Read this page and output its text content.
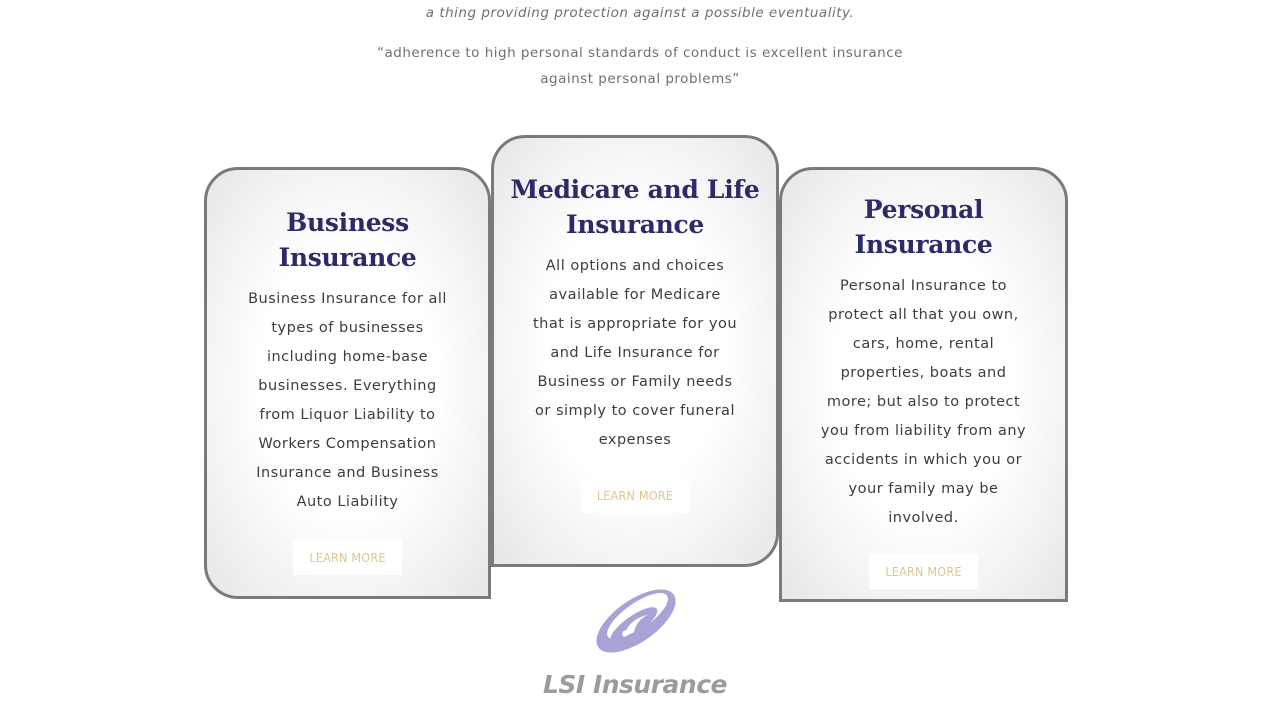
a thing providing protection against a possible eventuality.

“adherence to high personal standards of conduct is excellent insurance
against personal problems”

Business
Insurance
Business Insurance for all
types of businesses
including home-base
businesses. Everything
from Liquor Liability to
Workers Compensation
Insurance and Business
Auto Liability
LEARN MORE
Medicare and Life
Insurance
All options and choices
available for Medicare
that is appropriate for you
and Life Insurance for
Business or Family needs
or simply to cover funeral
expenses
LEARN MORE
Personal
Insurance
Personal Insurance to
protect all that you own,
cars, home, rental
properties, boats and
more; but also to protect
you from liability from any
accidents in which you or
your family may be
involved.
LEARN MORE
LSI Insurance
